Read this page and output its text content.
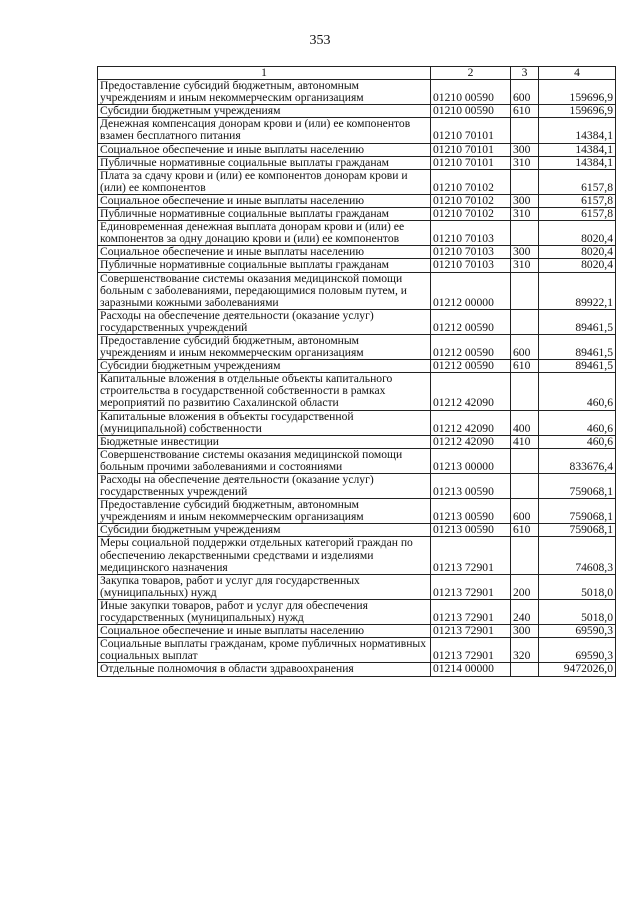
353
1	2	3	4
Предоставление субсидий бюджетным, автономным учреждениям и иным некоммерческим организациям	01210 00590	600	159696,9
Субсидии бюджетным учреждениям	01210 00590	610	159696,9
Денежная компенсация донорам крови и (или) ее компонентов взамен бесплатного питания	01210 70101		14384,1
Социальное обеспечение и иные выплаты населению	01210 70101	300	14384,1
Публичные нормативные социальные выплаты гражданам	01210 70101	310	14384,1
Плата за сдачу крови и (или) ее компонентов донорам крови и (или) ее компонентов	01210 70102		6157,8
Социальное обеспечение и иные выплаты населению	01210 70102	300	6157,8
Публичные нормативные социальные выплаты гражданам	01210 70102	310	6157,8
Единовременная денежная выплата донорам крови и (или) ее компонентов за одну донацию крови и (или) ее компонентов	01210 70103		8020,4
Социальное обеспечение и иные выплаты населению	01210 70103	300	8020,4
Публичные нормативные социальные выплаты гражданам	01210 70103	310	8020,4
Совершенствование системы оказания медицинской помощи больным с заболеваниями, передающимися половым путем, и заразными кожными заболеваниями	01212 00000		89922,1
Расходы на обеспечение деятельности (оказание услуг) государственных учреждений	01212 00590		89461,5
Предоставление субсидий бюджетным, автономным учреждениям и иным некоммерческим организациям	01212 00590	600	89461,5
Субсидии бюджетным учреждениям	01212 00590	610	89461,5
Капитальные вложения в отдельные объекты капитального строительства в государственной собственности в рамках мероприятий по развитию Сахалинской области	01212 42090		460,6
Капитальные вложения в объекты государственной (муниципальной) собственности	01212 42090	400	460,6
Бюджетные инвестиции	01212 42090	410	460,6
Совершенствование системы оказания медицинской помощи больным прочими заболеваниями и состояниями	01213 00000		833676,4
Расходы на обеспечение деятельности (оказание услуг) государственных учреждений	01213 00590		759068,1
Предоставление субсидий бюджетным, автономным учреждениям и иным некоммерческим организациям	01213 00590	600	759068,1
Субсидии бюджетным учреждениям	01213 00590	610	759068,1
Меры социальной поддержки отдельных категорий граждан по обеспечению лекарственными средствами и изделиями медицинского назначения	01213 72901		74608,3
Закупка товаров, работ и услуг для государственных (муниципальных) нужд	01213 72901	200	5018,0
Иные закупки товаров, работ и услуг для обеспечения государственных (муниципальных) нужд	01213 72901	240	5018,0
Социальное обеспечение и иные выплаты населению	01213 72901	300	69590,3
Социальные выплаты гражданам, кроме публичных нормативных социальных выплат	01213 72901	320	69590,3
Отдельные полномочия в области здравоохранения	01214 00000		9472026,0
